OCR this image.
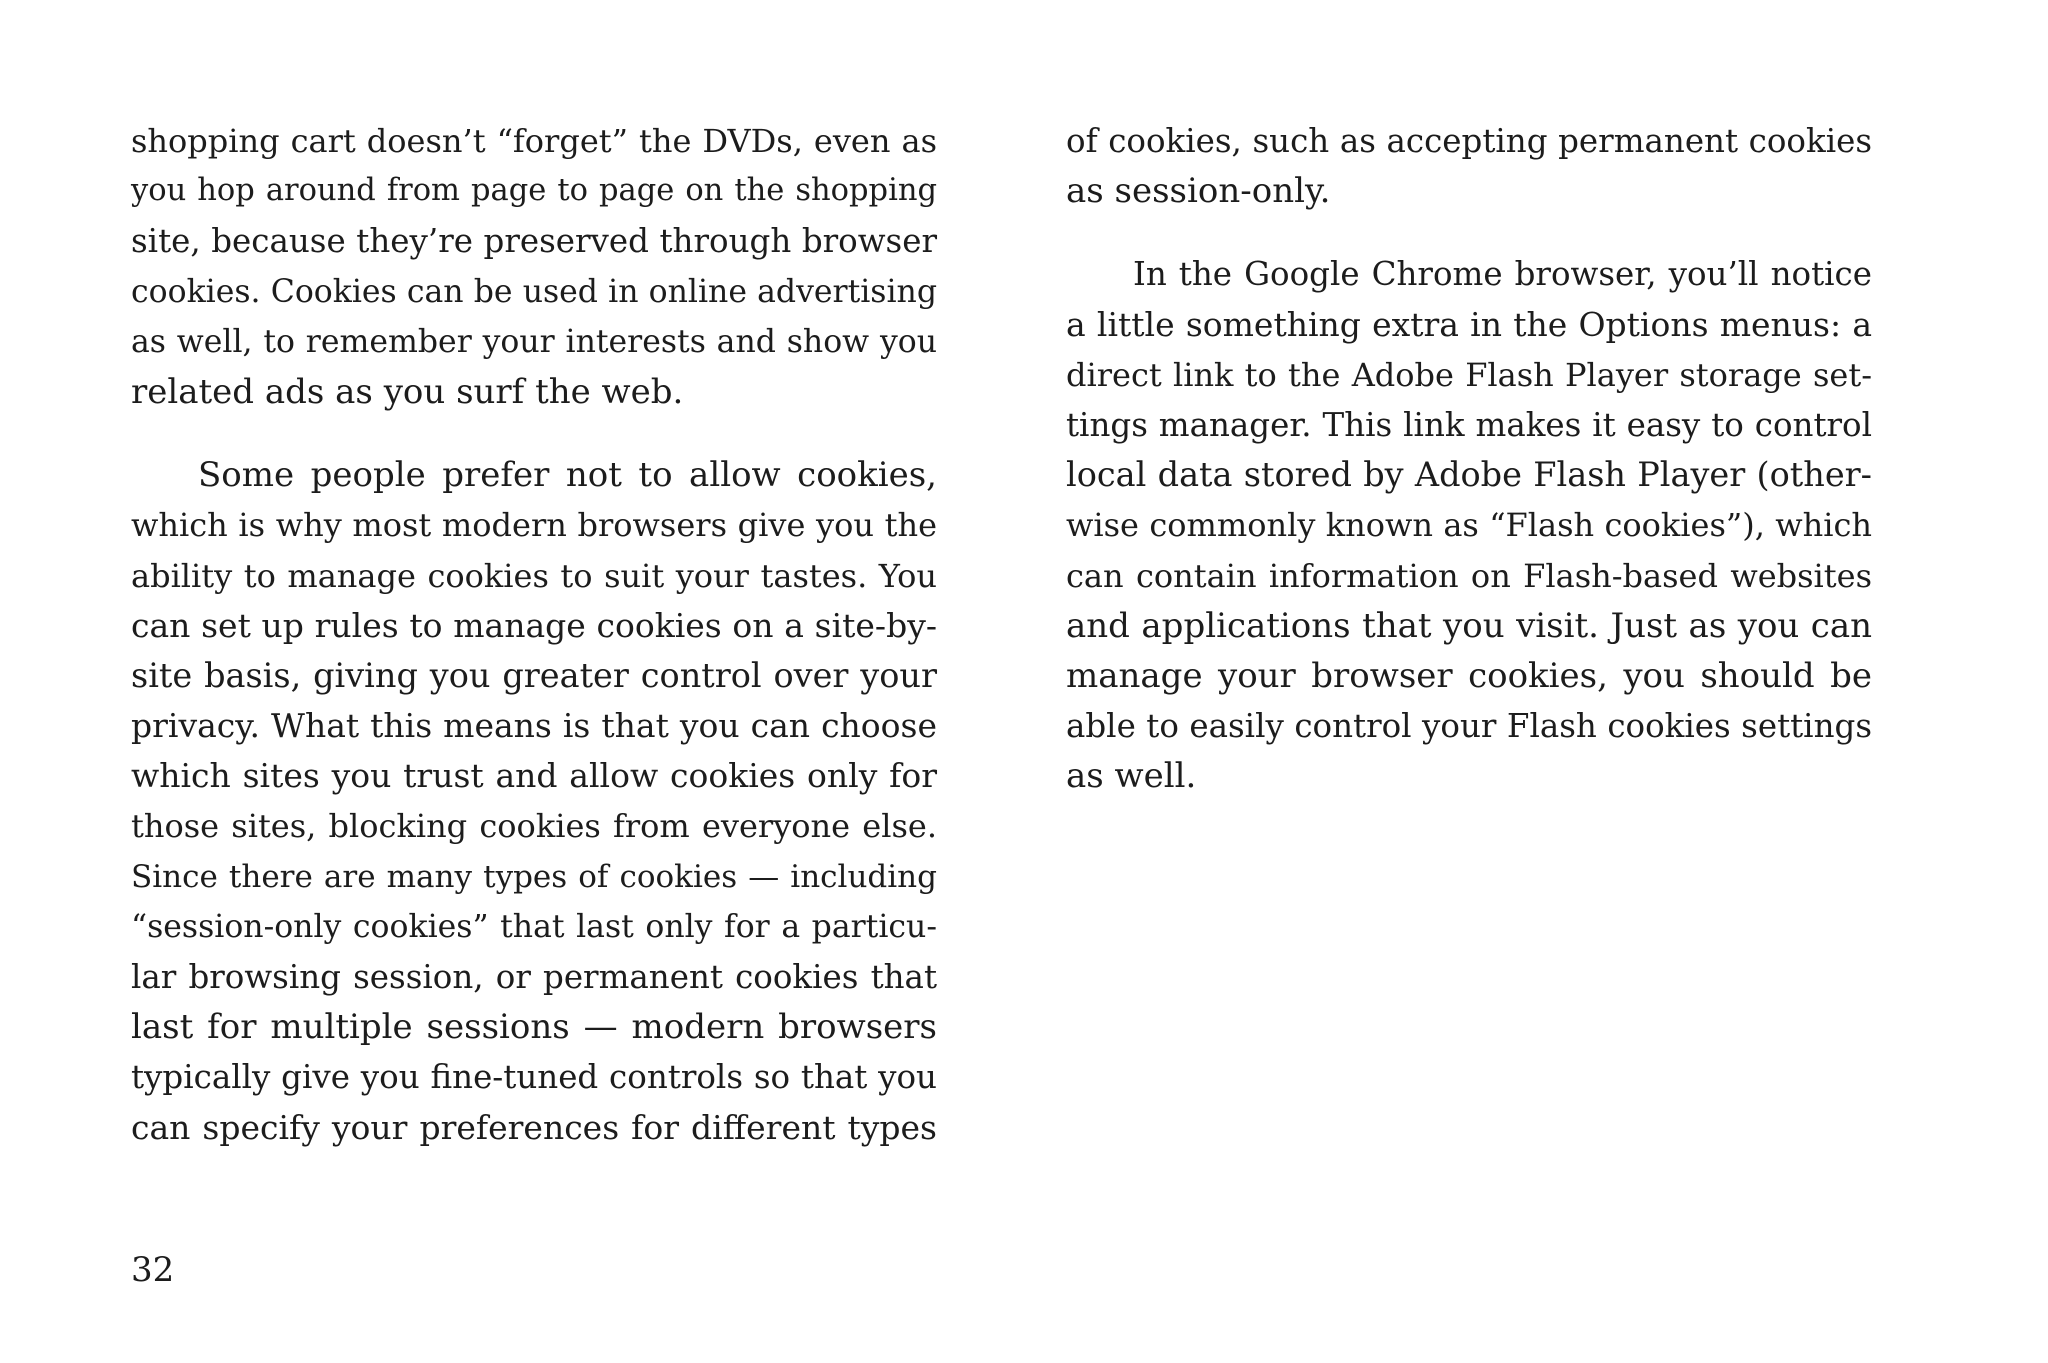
shopping cart doesn’t “forget” the DVDs, even as
you hop around from page to page on the shopping
site, because they’re preserved through browser
cookies. Cookies can be used in online advertising
as well, to remember your interests and show you
related ads as you surf the web.
Some people prefer not to allow cookies,
which is why most modern browsers give you the
ability to manage cookies to suit your tastes. You
can set up rules to manage cookies on a site-by-
site basis, giving you greater control over your
privacy. What this means is that you can choose
which sites you trust and allow cookies only for
those sites, blocking cookies from everyone else.
Since there are many types of cookies — including
“session-only cookies” that last only for a particu-
lar browsing session, or permanent cookies that
last for multiple sessions — modern browsers
typically give you fine-tuned controls so that you
can specify your preferences for different types
of cookies, such as accepting permanent cookies
as session-only.
In the Google Chrome browser, you’ll notice
a little something extra in the Options menus: a
direct link to the Adobe Flash Player storage set-
tings manager. This link makes it easy to control
local data stored by Adobe Flash Player (other-
wise commonly known as “Flash cookies”), which
can contain information on Flash-based websites
and applications that you visit. Just as you can
manage your browser cookies, you should be
able to easily control your Flash cookies settings
as well.
32
